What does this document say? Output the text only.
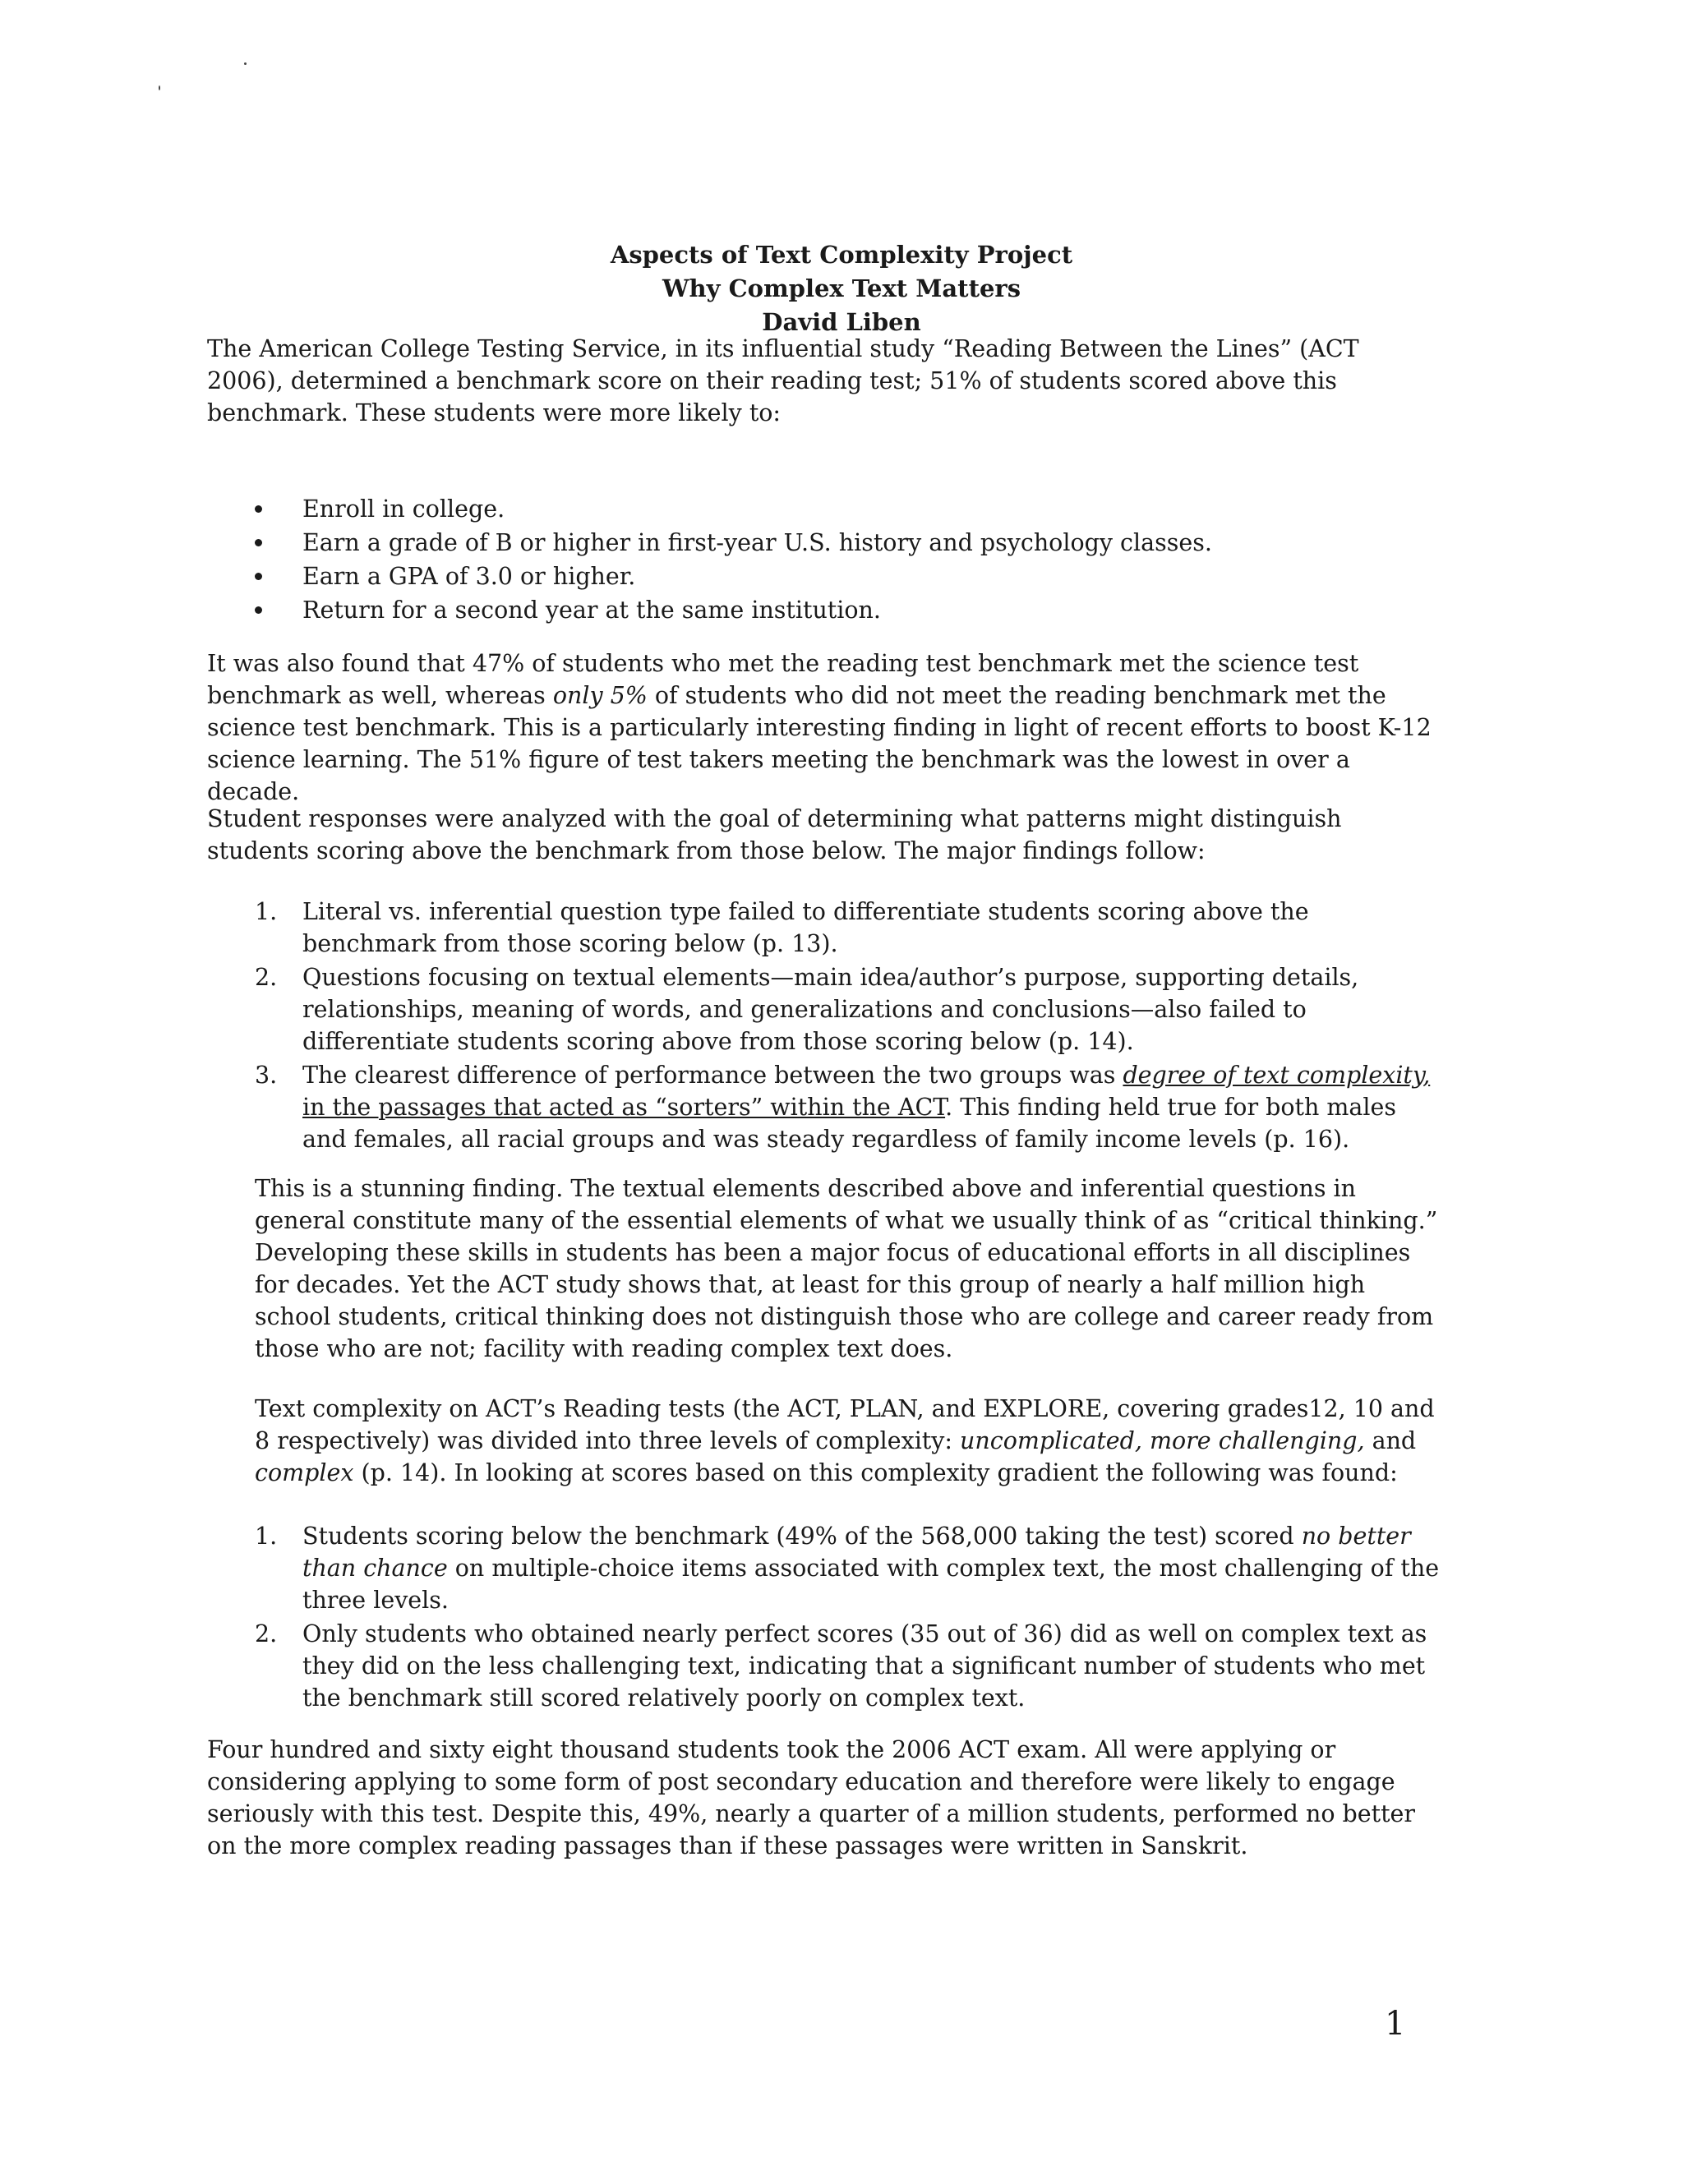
Aspects of Text Complexity Project
Why Complex Text Matters
David Liben

The American College Testing Service, in its influential study “Reading Between the Lines” (ACT 2006), determined a benchmark score on their reading test; 51% of students scored above this benchmark. These students were more likely to:

Enroll in college.
Earn a grade of B or higher in first-year U.S. history and psychology classes.
Earn a GPA of 3.0 or higher.
Return for a second year at the same institution.

It was also found that 47% of students who met the reading test benchmark met the science test benchmark as well, whereas only 5% of students who did not meet the reading benchmark met the science test benchmark. This is a particularly interesting finding in light of recent efforts to boost K-12 science learning. The 51% figure of test takers meeting the benchmark was the lowest in over a decade.

Student responses were analyzed with the goal of determining what patterns might distinguish students scoring above the benchmark from those below. The major findings follow:

1.	Literal vs. inferential question type failed to differentiate students scoring above the benchmark from those scoring below (p. 13).
2.	Questions focusing on textual elements—main idea/author’s purpose, supporting details, relationships, meaning of words, and generalizations and conclusions—also failed to differentiate students scoring above from those scoring below (p. 14).
3.	The clearest difference of performance between the two groups was degree of text complexity, in the passages that acted as “sorters” within the ACT. This finding held true for both males and females, all racial groups and was steady regardless of family income levels (p. 16).

This is a stunning finding. The textual elements described above and inferential questions in general constitute many of the essential elements of what we usually think of as “critical thinking.” Developing these skills in students has been a major focus of educational efforts in all disciplines for decades. Yet the ACT study shows that, at least for this group of nearly a half million high school students, critical thinking does not distinguish those who are college and career ready from those who are not; facility with reading complex text does.

Text complexity on ACT’s Reading tests (the ACT, PLAN, and EXPLORE, covering grades12, 10 and 8 respectively) was divided into three levels of complexity: uncomplicated, more challenging, and complex (p. 14). In looking at scores based on this complexity gradient the following was found:

1.	Students scoring below the benchmark (49% of the 568,000 taking the test) scored no better than chance on multiple-choice items associated with complex text, the most challenging of the three levels.
2.	Only students who obtained nearly perfect scores (35 out of 36) did as well on complex text as they did on the less challenging text, indicating that a significant number of students who met the benchmark still scored relatively poorly on complex text.

Four hundred and sixty eight thousand students took the 2006 ACT exam. All were applying or considering applying to some form of post secondary education and therefore were likely to engage seriously with this test. Despite this, 49%, nearly a quarter of a million students, performed no better on the more complex reading passages than if these passages were written in Sanskrit.

1
